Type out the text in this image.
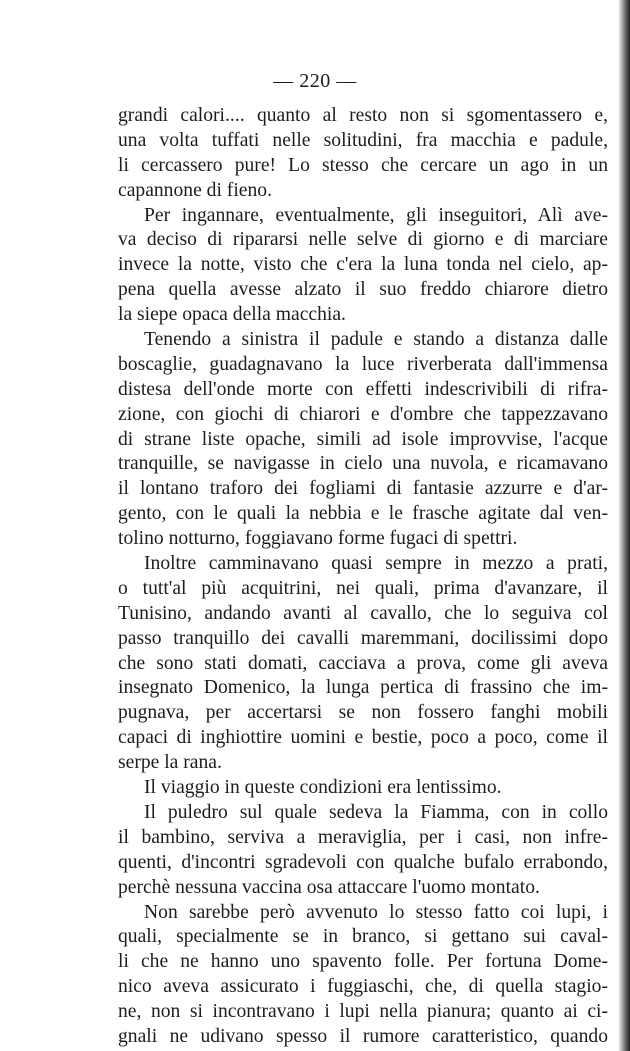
— 220 —
grandi calori.... quanto al resto non si sgomentassero e,
una volta tuffati nelle solitudini, fra macchia e padule,
li cercassero pure! Lo stesso che cercare un ago in un
capannone di fieno.
Per ingannare, eventualmente, gli inseguitori, Alì ave-
va deciso di ripararsi nelle selve di giorno e di marciare
invece la notte, visto che c'era la luna tonda nel cielo, ap-
pena quella avesse alzato il suo freddo chiarore dietro
la siepe opaca della macchia.
Tenendo a sinistra il padule e stando a distanza dalle
boscaglie, guadagnavano la luce riverberata dall'immensa
distesa dell'onde morte con effetti indescrivibili di rifra-
zione, con giochi di chiarori e d'ombre che tappezzavano
di strane liste opache, simili ad isole improvvise, l'acque
tranquille, se navigasse in cielo una nuvola, e ricamavano
il lontano traforo dei fogliami di fantasie azzurre e d'ar-
gento, con le quali la nebbia e le frasche agitate dal ven-
tolino notturno, foggiavano forme fugaci di spettri.
Inoltre camminavano quasi sempre in mezzo a prati,
o tutt'al più acquitrini, nei quali, prima d'avanzare, il
Tunisino, andando avanti al cavallo, che lo seguiva col
passo tranquillo dei cavalli maremmani, docilissimi dopo
che sono stati domati, cacciava a prova, come gli aveva
insegnato Domenico, la lunga pertica di frassino che im-
pugnava, per accertarsi se non fossero fanghi mobili
capaci di inghiottire uomini e bestie, poco a poco, come il
serpe la rana.
Il viaggio in queste condizioni era lentissimo.
Il puledro sul quale sedeva la Fiamma, con in collo
il bambino, serviva a meraviglia, per i casi, non infre-
quenti, d'incontri sgradevoli con qualche bufalo errabondo,
perchè nessuna vaccina osa attaccare l'uomo montato.
Non sarebbe però avvenuto lo stesso fatto coi lupi, i
quali, specialmente se in branco, si gettano sui caval-
li che ne hanno uno spavento folle. Per fortuna Dome-
nico aveva assicurato i fuggiaschi, che, di quella stagio-
ne, non si incontravano i lupi nella pianura; quanto ai ci-
gnali ne udivano spesso il rumore caratteristico, quando
